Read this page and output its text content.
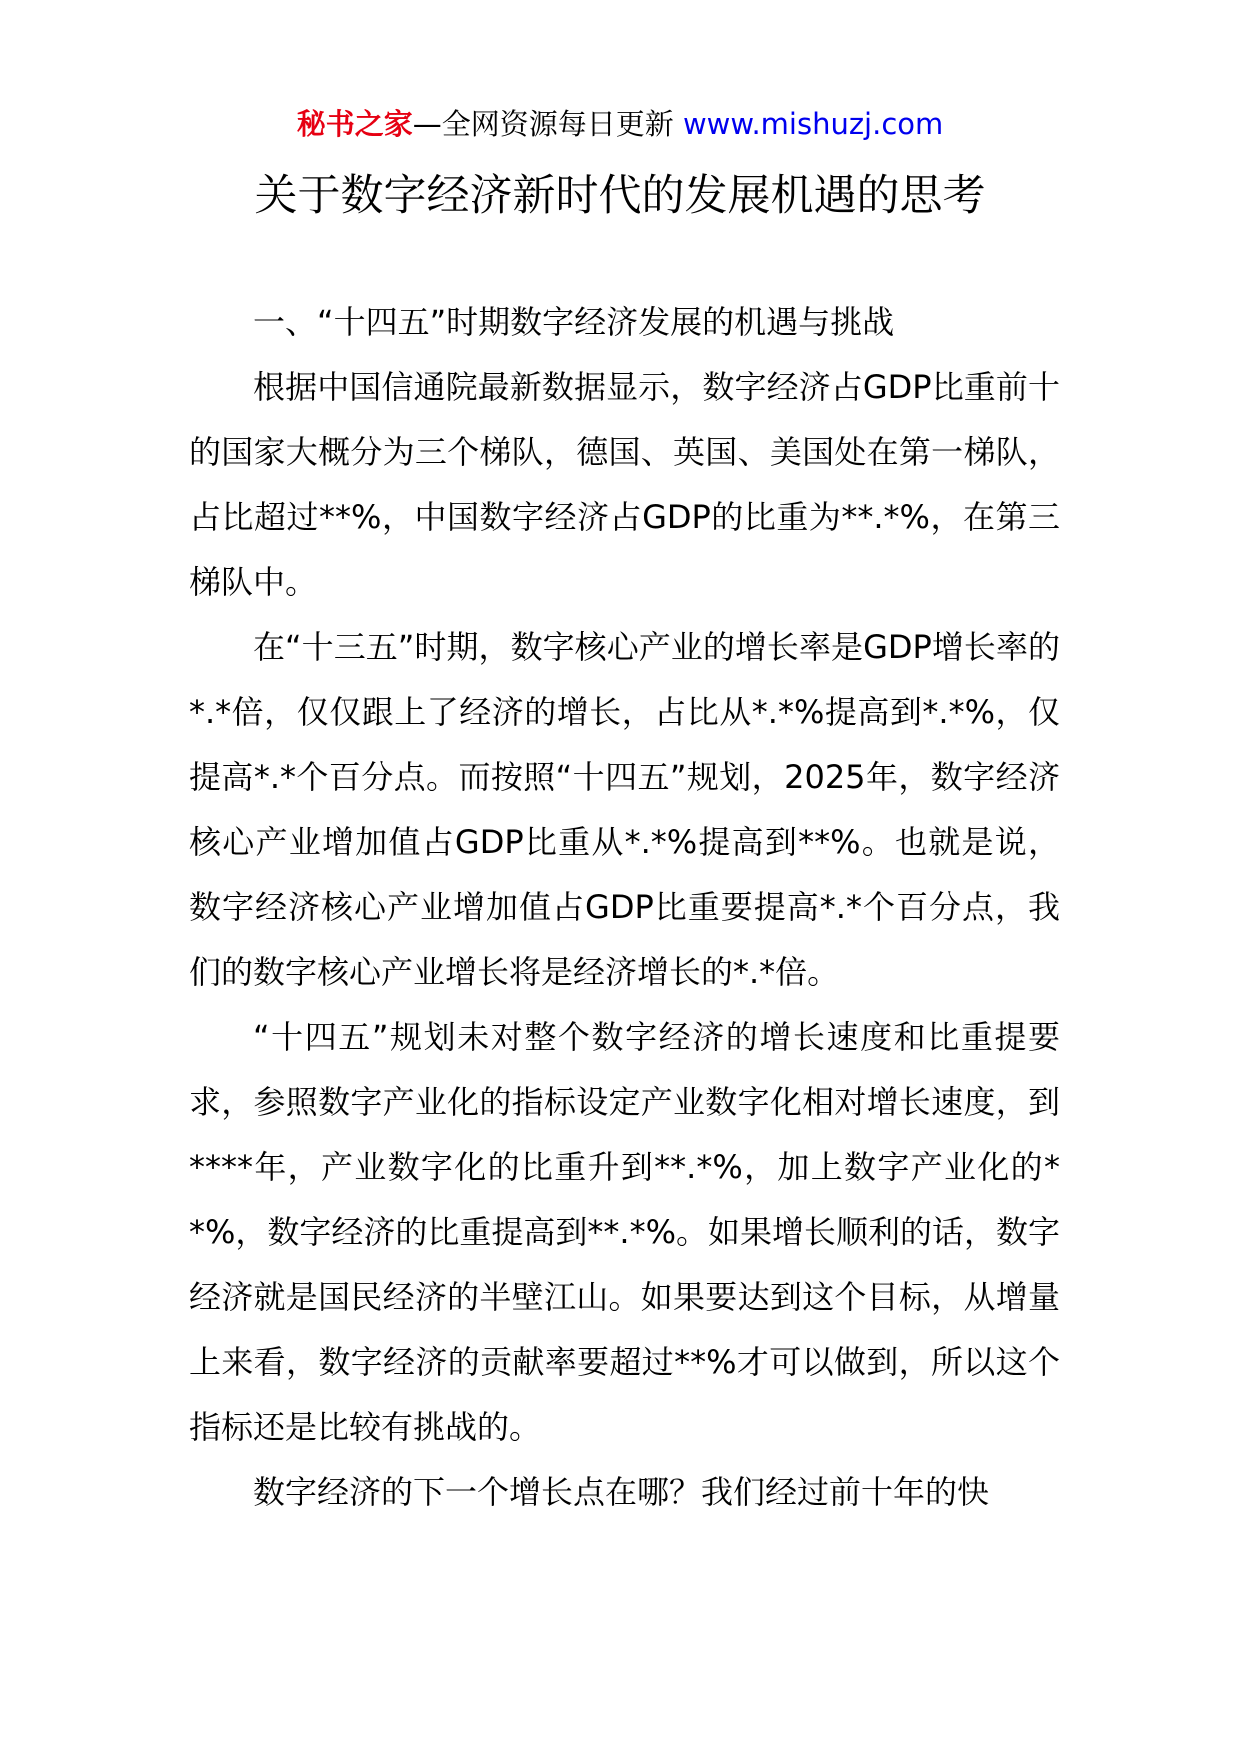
秘书之家—全网资源每日更新 www.mishuzj.com
关于数字经济新时代的发展机遇的思考

一、“十四五”时期数字经济发展的机遇与挑战

根据中国信通院最新数据显示，数字经济占GDP比重前十的国家大概分为三个梯队，德国、英国、美国处在第一梯队，占比超过**%，中国数字经济占GDP的比重为**.*%，在第三梯队中。

在“十三五”时期，数字核心产业的增长率是GDP增长率的*.*倍，仅仅跟上了经济的增长，占比从*.*%提高到*.*%，仅提高*.*个百分点。而按照“十四五”规划，2025年，数字经济核心产业增加值占GDP比重从*.*%提高到**%。也就是说，数字经济核心产业增加值占GDP比重要提高*.*个百分点，我们的数字核心产业增长将是经济增长的*.*倍。

“十四五”规划未对整个数字经济的增长速度和比重提要求，参照数字产业化的指标设定产业数字化相对增长速度，到****年，产业数字化的比重升到**.*%，加上数字产业化的**%，数字经济的比重提高到**.*%。如果增长顺利的话，数字经济就是国民经济的半壁江山。如果要达到这个目标，从增量上来看，数字经济的贡献率要超过**%才可以做到，所以这个指标还是比较有挑战的。

数字经济的下一个增长点在哪？我们经过前十年的快
